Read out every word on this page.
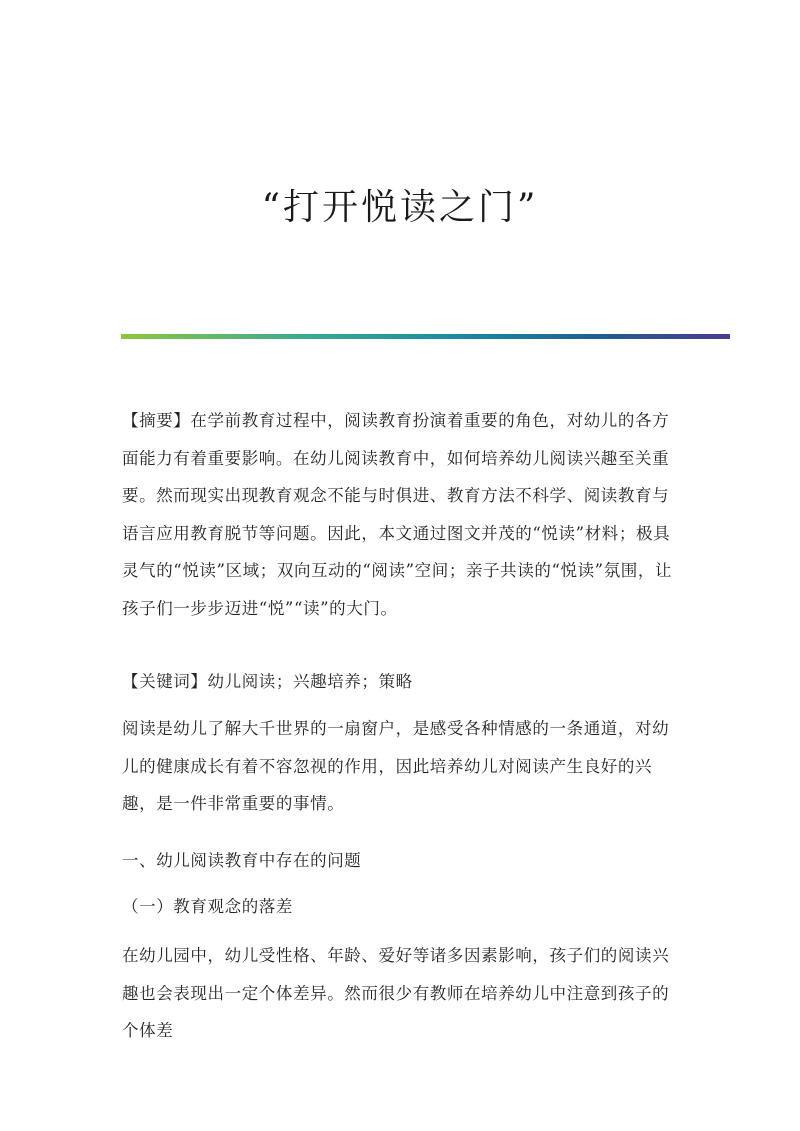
“打开悦读之门”

【摘要】在学前教育过程中，阅读教育扮演着重要的角色，对幼儿的各方面能力有着重要影响。在幼儿阅读教育中，如何培养幼儿阅读兴趣至关重要。然而现实出现教育观念不能与时俱进、教育方法不科学、阅读教育与语言应用教育脱节等问题。因此，本文通过图文并茂的“悦读”材料；极具灵气的“悦读”区域；双向互动的“阅读”空间；亲子共读的“悦读”氛围，让孩子们一步步迈进“悦”“读”的大门。

【关键词】幼儿阅读；兴趣培养；策略

阅读是幼儿了解大千世界的一扇窗户，是感受各种情感的一条通道，对幼儿的健康成长有着不容忽视的作用，因此培养幼儿对阅读产生良好的兴趣，是一件非常重要的事情。

一、幼儿阅读教育中存在的问题

（一）教育观念的落差

在幼儿园中，幼儿受性格、年龄、爱好等诸多因素影响，孩子们的阅读兴趣也会表现出一定个体差异。然而很少有教师在培养幼儿中注意到孩子的个体差
